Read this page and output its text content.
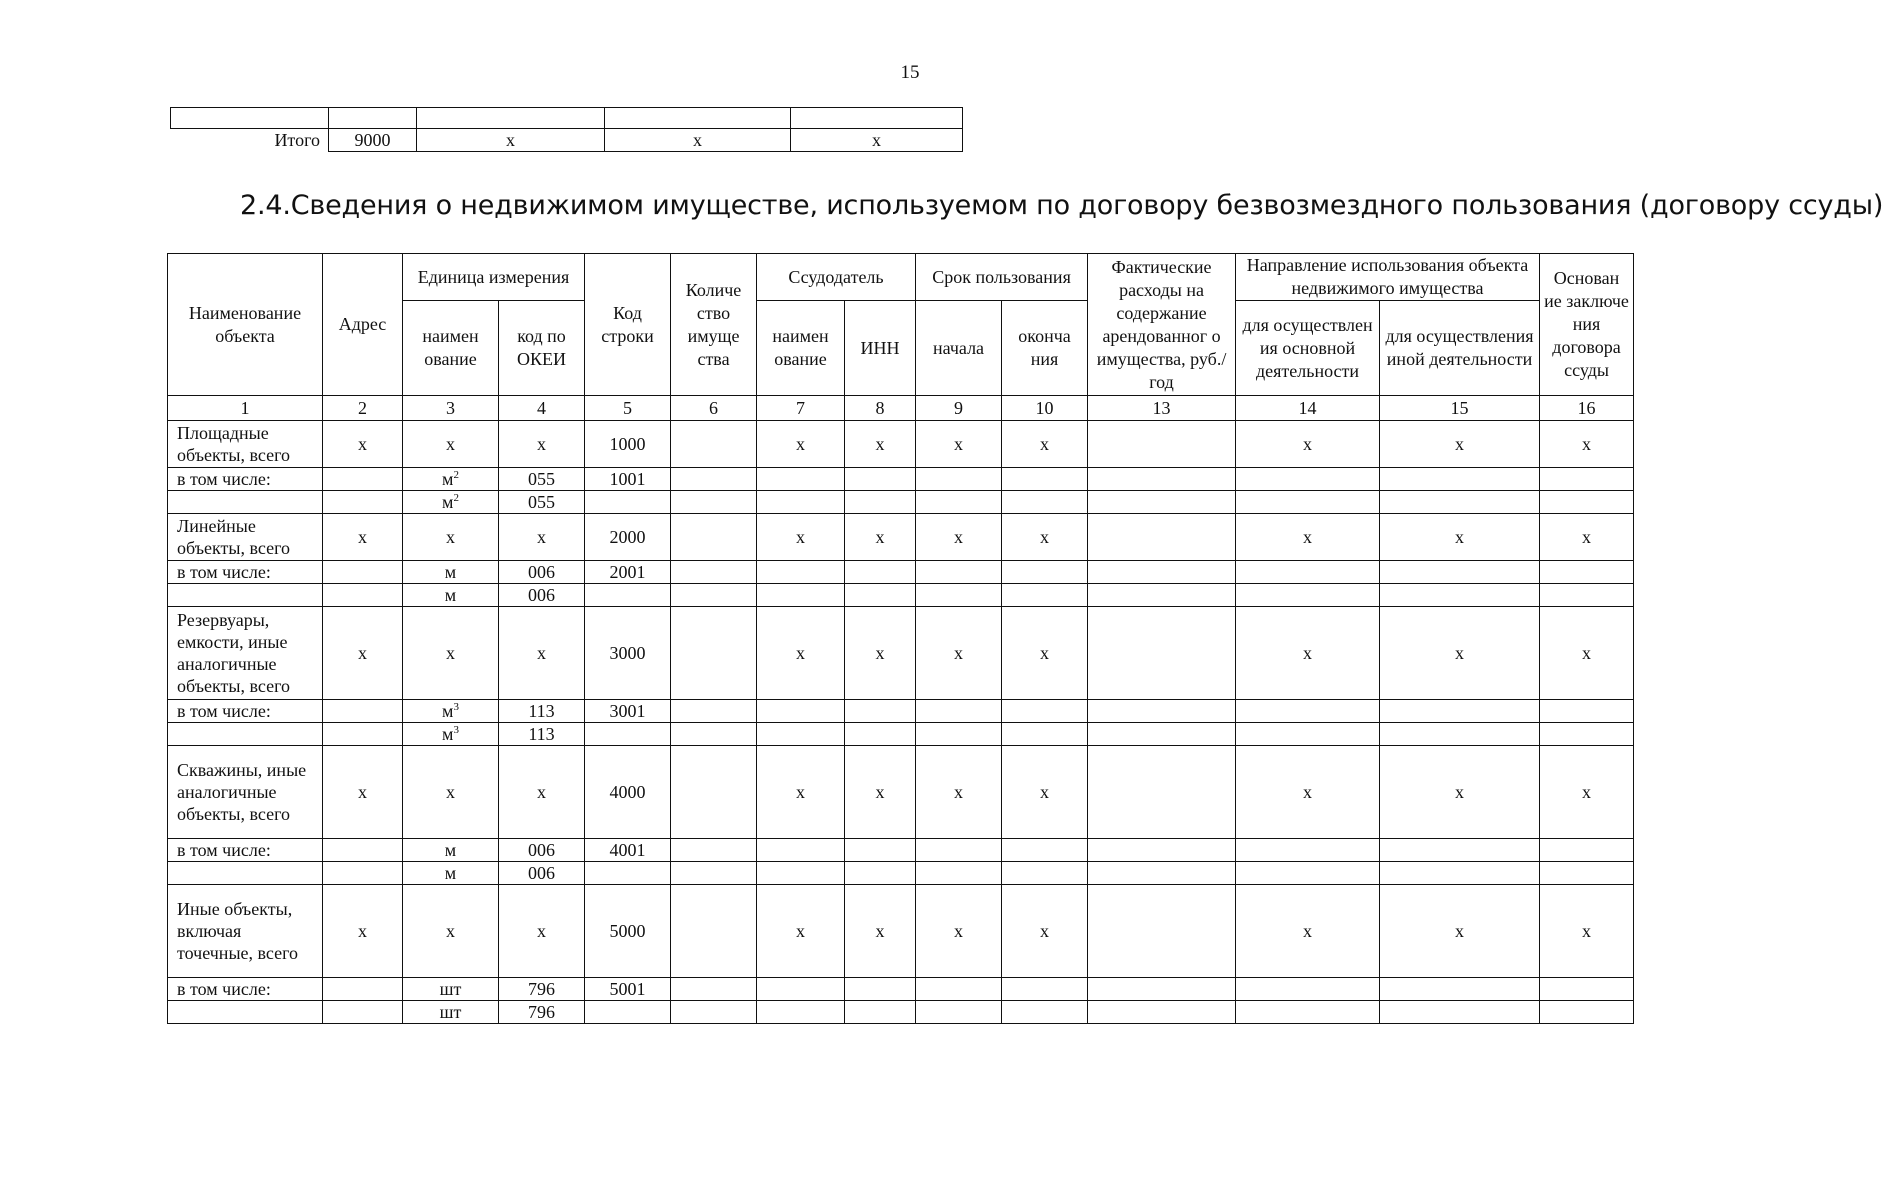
15

Итого	9000	x	x	x
2.4.Сведения о недвижимом имуществе, используемом по договору безвозмездного пользования (договору ссуды)
Наименование объекта	Адрес	Единица измерения		Код строки	Количе ство имуще ства	Ссудодатель		Срок пользования		Фактические расходы на содержание арендованног о имущества, руб./год	Направление использования объекта недвижимого имущества		Основан ие заключе ния договора ссуды
		наимен ование	код по ОКЕИ			наимен ование	ИНН	начала	оконча ния		для осуществлен ия основной деятельности	для осуществления иной деятельности	
1	2	3	4	5	6	7	8	9	10	13	14	15	16
Площадные объекты, всего	x	x	x	1000		x	x	x	x		x	x	x
в том числе:		$м^2$	055	1001									
		$м^2$	055										
Линейные объекты, всего	x	x	x	2000		x	x	x	x		x	x	x
в том числе:		м	006	2001									
		м	006										
Резервуары, емкости, иные аналогичные объекты, всего	x	x	x	3000		x	x	x	x		x	x	x
в том числе:		$м^3$	113	3001									
		$м^3$	113										
Скважины, иные аналогичные объекты, всего	x	x	x	4000		x	x	x	x		x	x	x
в том числе:		м	006	4001									
		м	006										
Иные объекты, включая точечные, всего	x	x	x	5000		x	x	x	x		x	x	x
в том числе:		шт	796	5001									
		шт	796										
